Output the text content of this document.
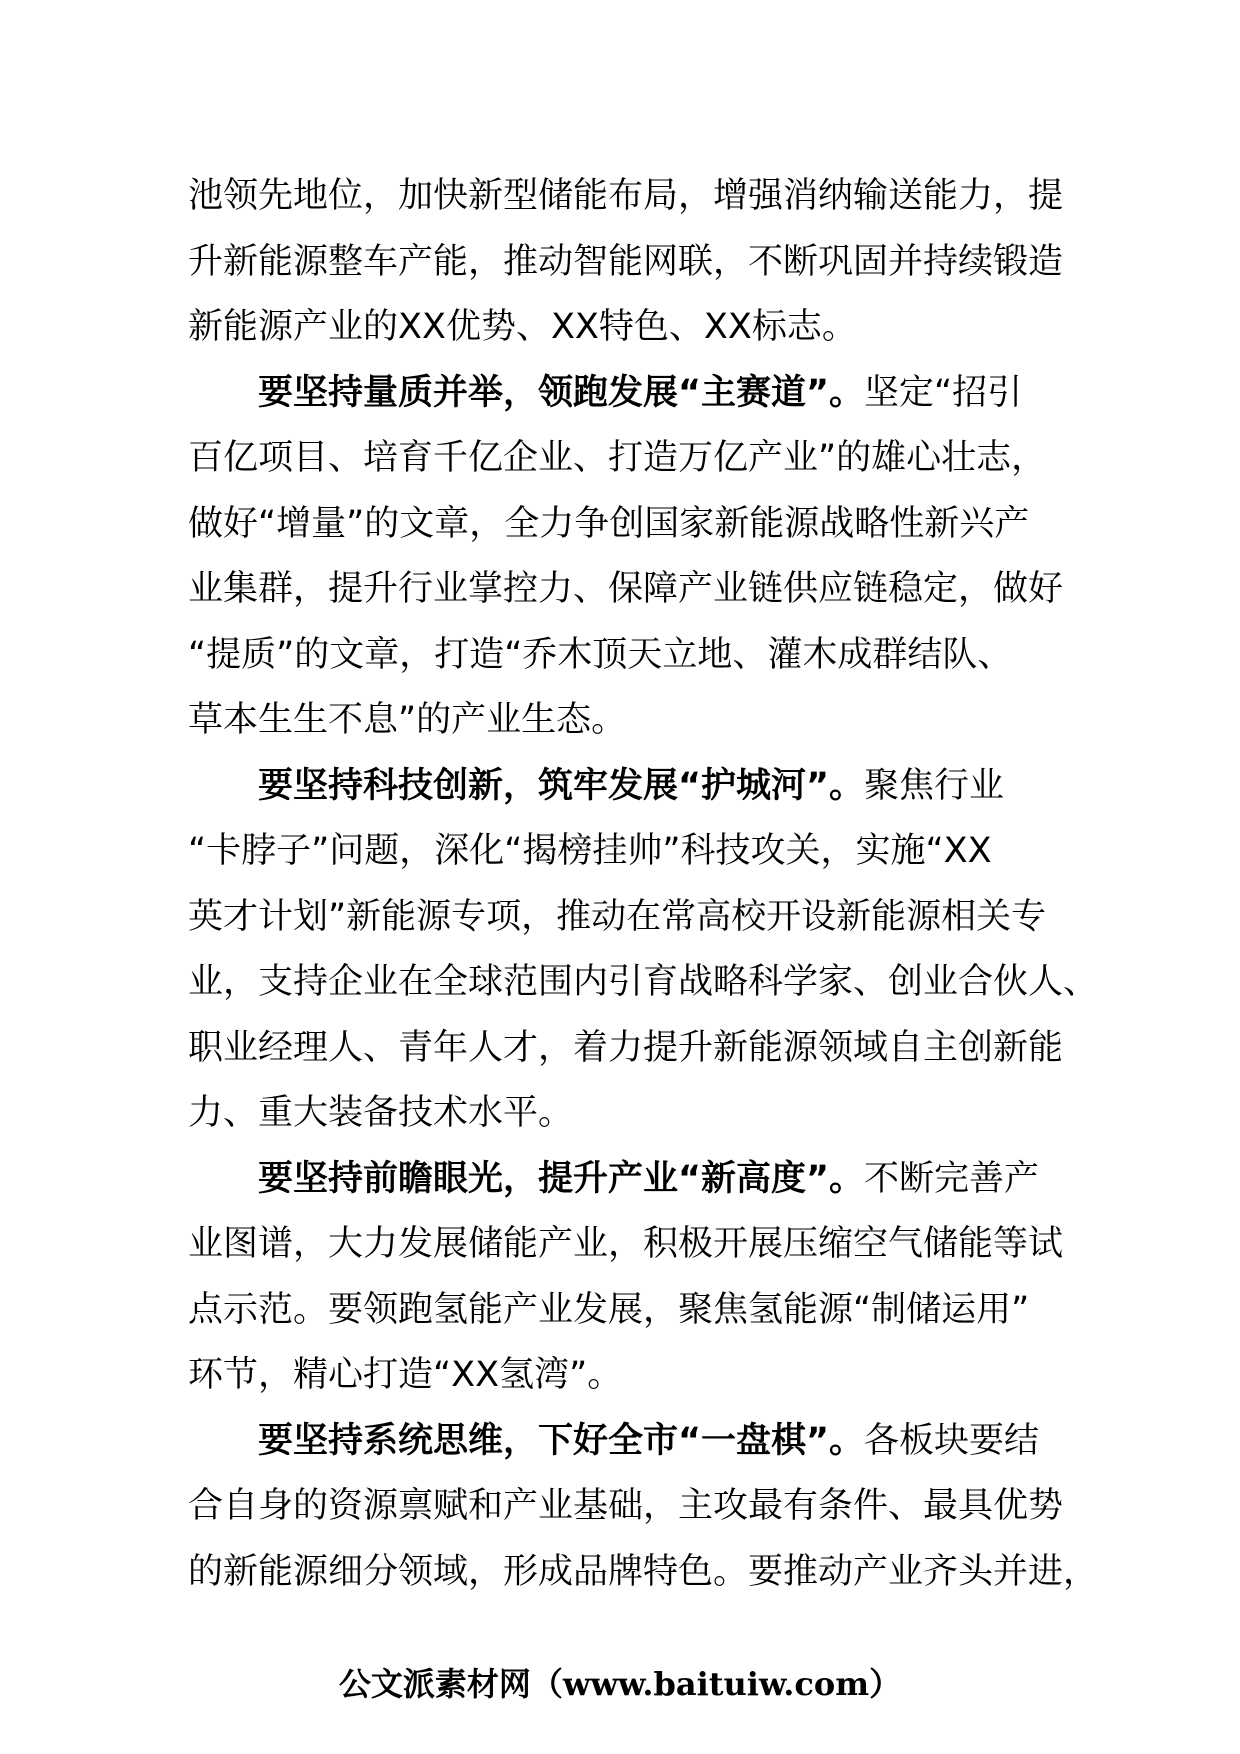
池领先地位，加快新型储能布局，增强消纳输送能力，提
升新能源整车产能，推动智能网联，不断巩固并持续锻造
新能源产业的XX优势、XX特色、XX标志。
要坚持量质并举，领跑发展“主赛道”。坚定“招引
百亿项目、培育千亿企业、打造万亿产业”的雄心壮志，
做好“增量”的文章，全力争创国家新能源战略性新兴产
业集群，提升行业掌控力、保障产业链供应链稳定，做好
“提质”的文章，打造“乔木顶天立地、灌木成群结队、
草本生生不息”的产业生态。
要坚持科技创新，筑牢发展“护城河”。聚焦行业
“卡脖子”问题，深化“揭榜挂帅”科技攻关，实施“XX
英才计划”新能源专项，推动在常高校开设新能源相关专
业，支持企业在全球范围内引育战略科学家、创业合伙人、
职业经理人、青年人才，着力提升新能源领域自主创新能
力、重大装备技术水平。
要坚持前瞻眼光，提升产业“新高度”。不断完善产
业图谱，大力发展储能产业，积极开展压缩空气储能等试
点示范。要领跑氢能产业发展，聚焦氢能源“制储运用”
环节，精心打造“XX氢湾”。
要坚持系统思维，下好全市“一盘棋”。各板块要结
合自身的资源禀赋和产业基础，主攻最有条件、最具优势
的新能源细分领域，形成品牌特色。要推动产业齐头并进，
公文派素材网（www.baituiw.com）
